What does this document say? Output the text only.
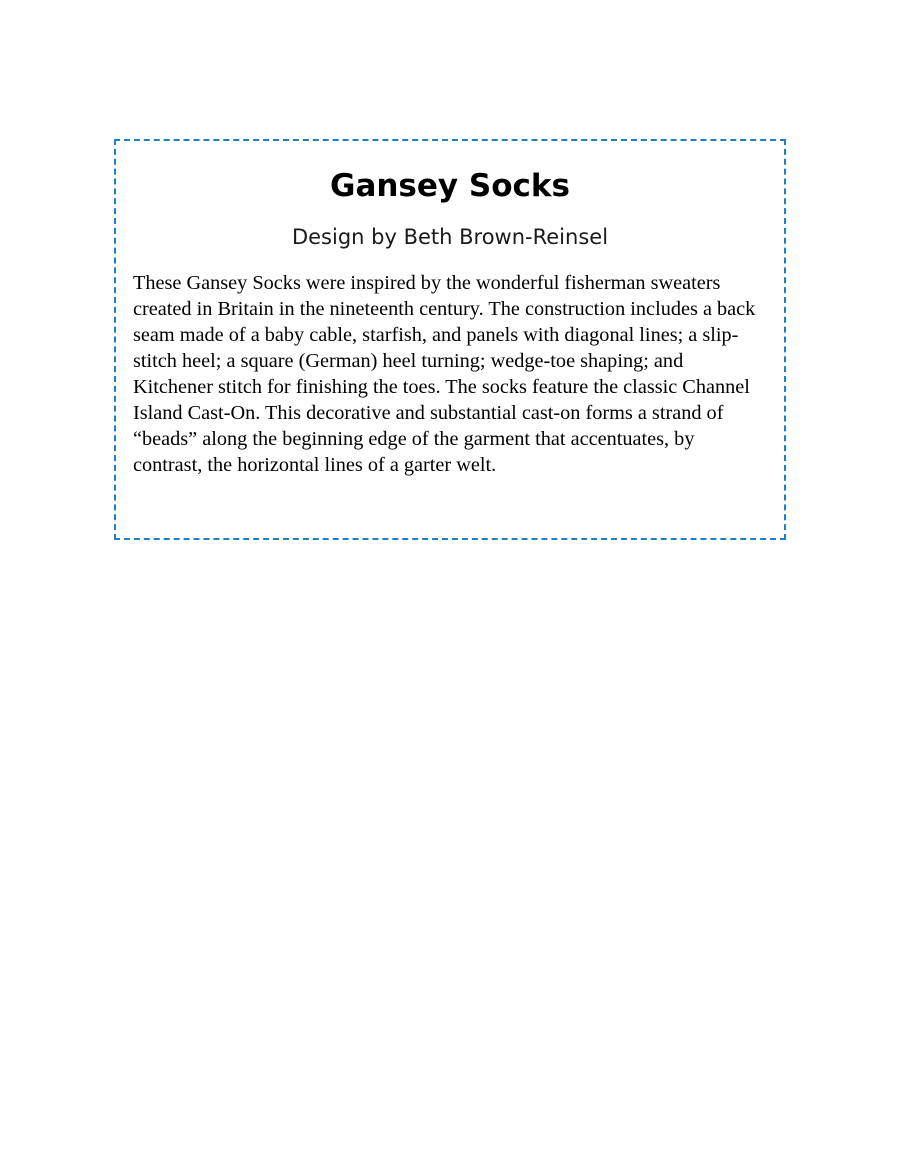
Gansey Socks
Design by Beth Brown-Reinsel
These Gansey Socks were inspired by the wonderful fisherman sweaters created in Britain in the nineteenth century. The construction includes a back seam made of a baby cable, starfish, and panels with diagonal lines; a slip-stitch heel; a square (German) heel turning; wedge-toe shaping; and Kitchener stitch for finishing the toes. The socks feature the classic Channel Island Cast-On. This decorative and substantial cast-on forms a strand of “beads” along the beginning edge of the garment that accentuates, by contrast, the horizontal lines of a garter welt.
